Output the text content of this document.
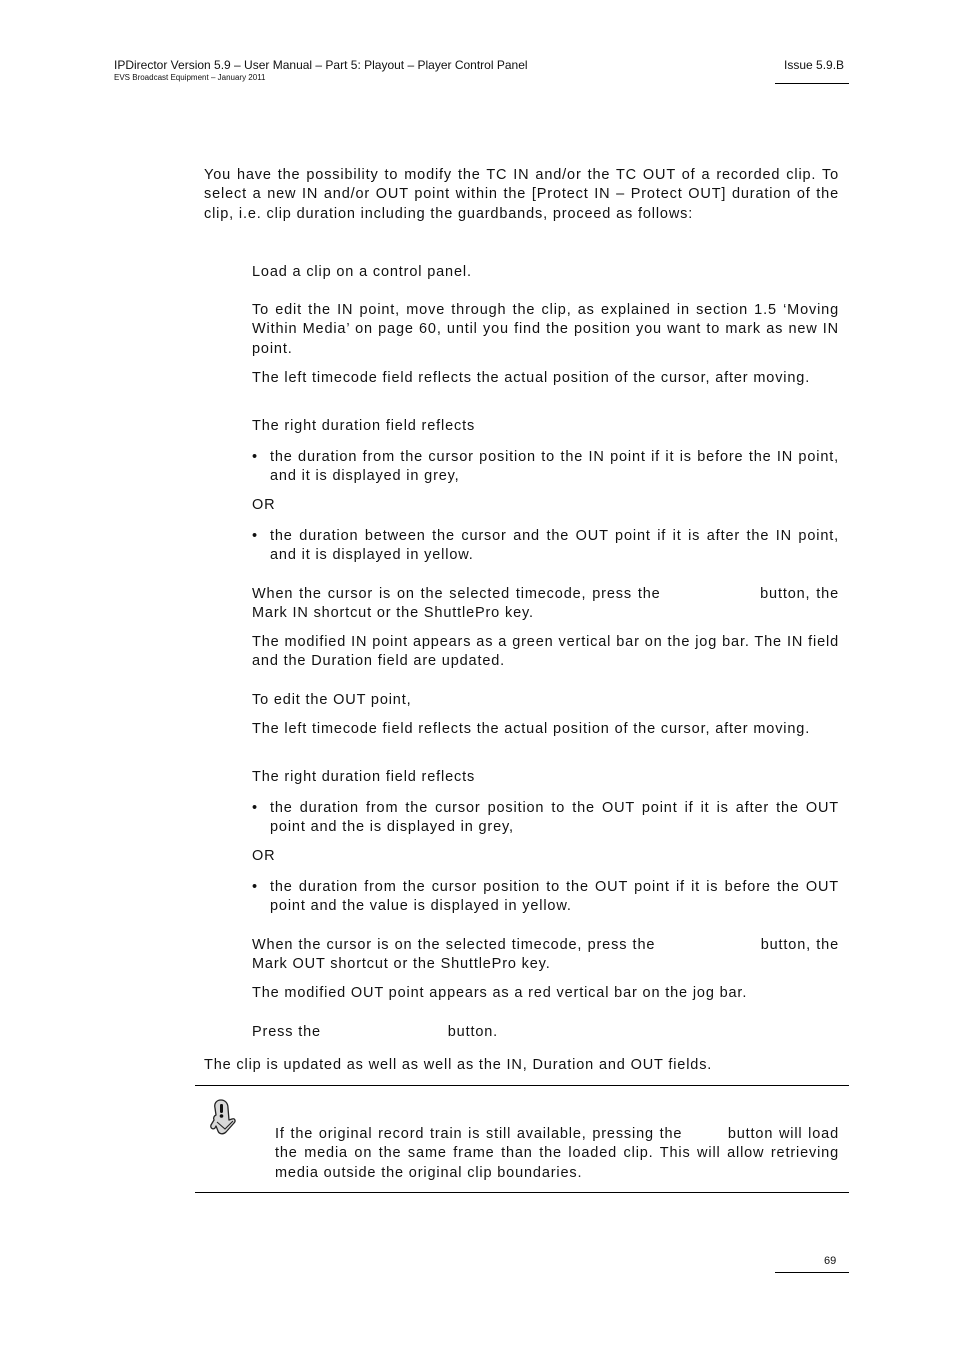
IPDirector Version 5.9 – User Manual – Part 5: Playout – Player Control Panel
EVS Broadcast Equipment – January 2011
Issue 5.9.B

You have the possibility to modify the TC IN and/or the TC OUT of a recorded clip. To select a new IN and/or OUT point within the [Protect IN – Protect OUT] duration of the clip, i.e. clip duration including the guardbands, proceed as follows:

Load a clip on a control panel.

To edit the IN point, move through the clip, as explained in section 1.5 ‘Moving Within Media’ on page 60, until you find the position you want to mark as new IN point.

The left timecode field reflects the actual position of the cursor, after moving.

The right duration field reflects

• the duration from the cursor position to the IN point if it is before the IN point, and it is displayed in grey,

OR

• the duration between the cursor and the OUT point if it is after the IN point, and it is displayed in yellow.

When the cursor is on the selected timecode, press the                 button, the Mark IN shortcut or the ShuttlePro key.

The modified IN point appears as a green vertical bar on the jog bar. The IN field and the Duration field are updated.

To edit the OUT point,

The left timecode field reflects the actual position of the cursor, after moving.

The right duration field reflects

• the duration from the cursor position to the OUT point if it is after the OUT point and the is displayed in grey,

OR

• the duration from the cursor position to the OUT point if it is before the OUT point and the value is displayed in yellow.

When the cursor is on the selected timecode, press the                    button, the Mark OUT shortcut or the ShuttlePro key.

The modified OUT point appears as a red vertical bar on the jog bar.

Press the                          button.

The clip is updated as well as well as the IN, Duration and OUT fields.

If the original record train is still available, pressing the        button will load the media on the same frame than the loaded clip. This will allow retrieving media outside the original clip boundaries.

69
